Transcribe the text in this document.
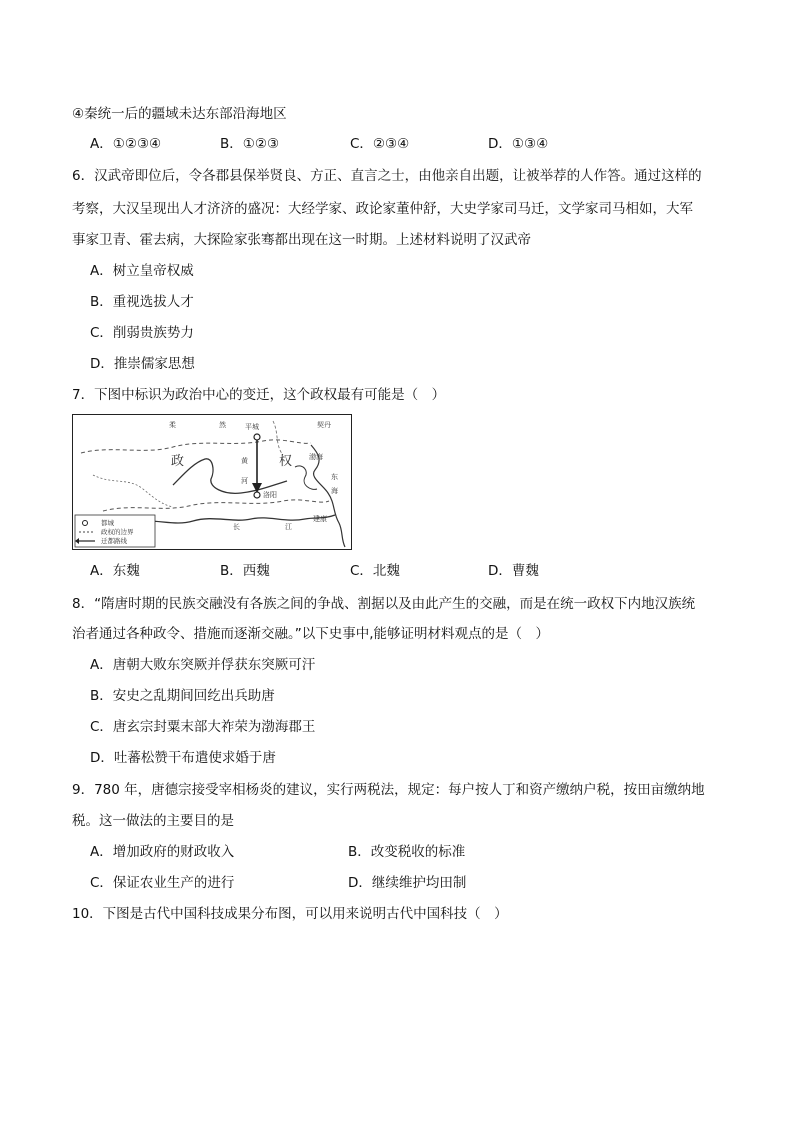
④秦统一后的疆域未达东部沿海地区
A．①②③④	B．①②③	C．②③④	D．①③④
6．汉武帝即位后，令各郡县保举贤良、方正、直言之士，由他亲自出题，让被举荐的人作答。通过这样的
考察，大汉呈现出人才济济的盛况：大经学家、政论家董仲舒，大史学家司马迁，文学家司马相如，大军
事家卫青、霍去病，大探险家张骞都出现在这一时期。上述材料说明了汉武帝
A．树立皇帝权威
B．重视选拔人才
C．削弱贵族势力
D．推崇儒家思想
7．下图中标识为政治中心的变迁，这个政权最有可能是（　）
柔	然	契丹
政	权
平城
黄
河
洛阳
渤海
东
海
长	江
建康
都城
政权的边界
迁都路线
A．东魏	B．西魏	C．北魏	D．曹魏
8．“隋唐时期的民族交融没有各族之间的争战、割据以及由此产生的交融，而是在统一政权下内地汉族统
治者通过各种政令、措施而逐渐交融。”以下史事中,能够证明材料观点的是（　）
A．唐朝大败东突厥并俘获东突厥可汗
B．安史之乱期间回纥出兵助唐
C．唐玄宗封粟末部大祚荣为渤海郡王
D．吐蕃松赞干布遣使求婚于唐
9．780 年，唐德宗接受宰相杨炎的建议，实行两税法，规定：每户按人丁和资产缴纳户税，按田亩缴纳地
税。这一做法的主要目的是
A．增加政府的财政收入	B．改变税收的标准
C．保证农业生产的进行	D．继续维护均田制
10．下图是古代中国科技成果分布图，可以用来说明古代中国科技（　）
